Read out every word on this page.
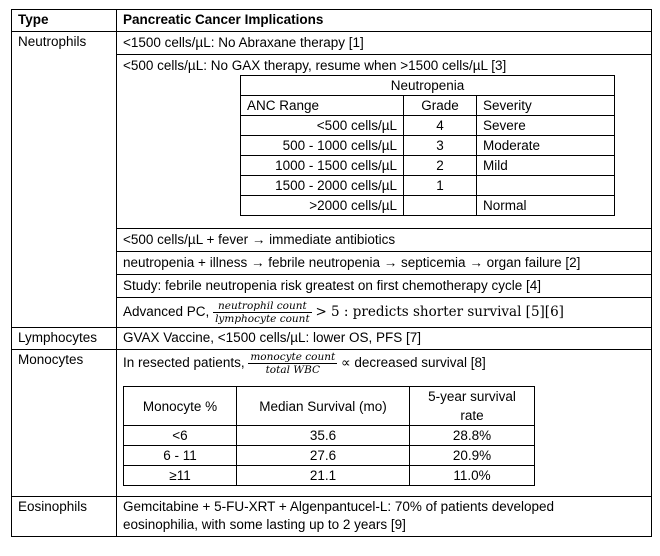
Type	Pancreatic Cancer Implications
Neutrophils	<1500 cells/µL: No Abraxane therapy [1]
<500 cells/µL: No GAX therapy, resume when >1500 cells/µL [3]
Neutropenia
ANC Range	Grade	Severity
<500 cells/µL	4	Severe
500 - 1000 cells/µL	3	Moderate
1000 - 1500 cells/µL	2	Mild
1500 - 2000 cells/µL	1	
>2000 cells/µL		Normal
<500 cells/µL + fever → immediate antibiotics
neutropenia + illness → febrile neutropenia → septicemia → organ failure [2]
Study: febrile neutropenia risk greatest on first chemotherapy cycle [4]
Advanced PC, $\frac{\text{neutrophil count}}{\text{lymphocyte count}} > 5$ : predicts shorter survival [5][6]

Lymphocytes	GVAX Vaccine, <1500 cells/µL: lower OS, PFS [7]
Monocytes	In resected patients, $\frac{\text{monocyte count}}{\text{total WBC}}$ ∝ decreased survival [8]
Monocyte %	Median Survival (mo)	5-year survival rate
<6	35.6	28.8%
6 - 11	27.6	20.9%
≥11	21.1	11.0%

Eosinophils	Gemcitabine + 5-FU-XRT + Algenpantucel-L: 70% of patients developed
eosinophilia, with some lasting up to 2 years [9]
